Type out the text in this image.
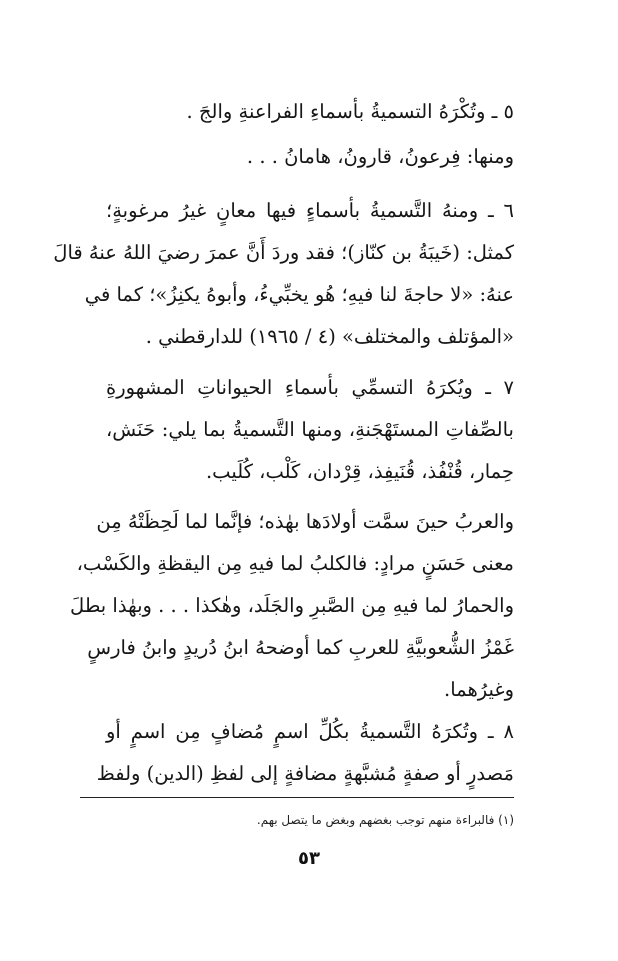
٥ ـ وتُكْرَهُ التسميةُ بأسماءِ الفراعنةِ والجَ .
ومنها: فِرعونُ، قارونُ، هامانُ . . .
٦ ـ ومنهُ التَّسميةُ بأسماءٍ فيها معانٍ غيرُ مرغوبةٍ؛
كمثل: (خَيبَةُ بن كنّاز)؛ فقد وردَ أَنَّ عمرَ رضيَ اللهُ عنهُ قالَ
عنهُ: «لا حاجةَ لنا فيهِ؛ هُو يخبِّيءُ، وأبوهُ يكنِزُ»؛ كما في
«المؤتلف والمختلف» (٤ / ١٩٦٥) للدارقطني .
٧ ـ ويُكرَهُ التسمِّي بأسماءِ الحيواناتِ المشهورةِ
بالصِّفاتِ المستَهْجَنةِ، ومنها التَّسميةُ بما يلي: حَنَش،
حِمار، قُنْفُذ، قُنَيفِذ، قِرْدان، كَلْب، كُلَيب.
والعربُ حينَ سمَّت أولادَها بهٰذه؛ فإنَّما لما لَحِظَتْهُ مِن
معنى حَسَنٍ مرادٍ: فالكلبُ لما فيهِ مِن اليقظةِ والكَسْب،
والحمارُ لما فيهِ مِن الصَّبرِ والجَلَد، وهٰكذا . . . وبهٰذا بطلَ
غَمْزُ الشُّعوبيَّةِ للعربِ كما أوضحهُ ابنُ دُريدٍ وابنُ فارسٍ
وغيرُهما.
٨ ـ وتُكرَهُ التَّسميةُ بكُلِّ اسمٍ مُضافٍ مِن اسمٍ أو
مَصدرٍ أو صفةٍ مُشبَّهةٍ مضافةٍ إلى لفظِ (الدين) ولفظ
(١) فالبراءة منهم توجب بغضهم وبغض ما يتصل بهم.
٥٣
